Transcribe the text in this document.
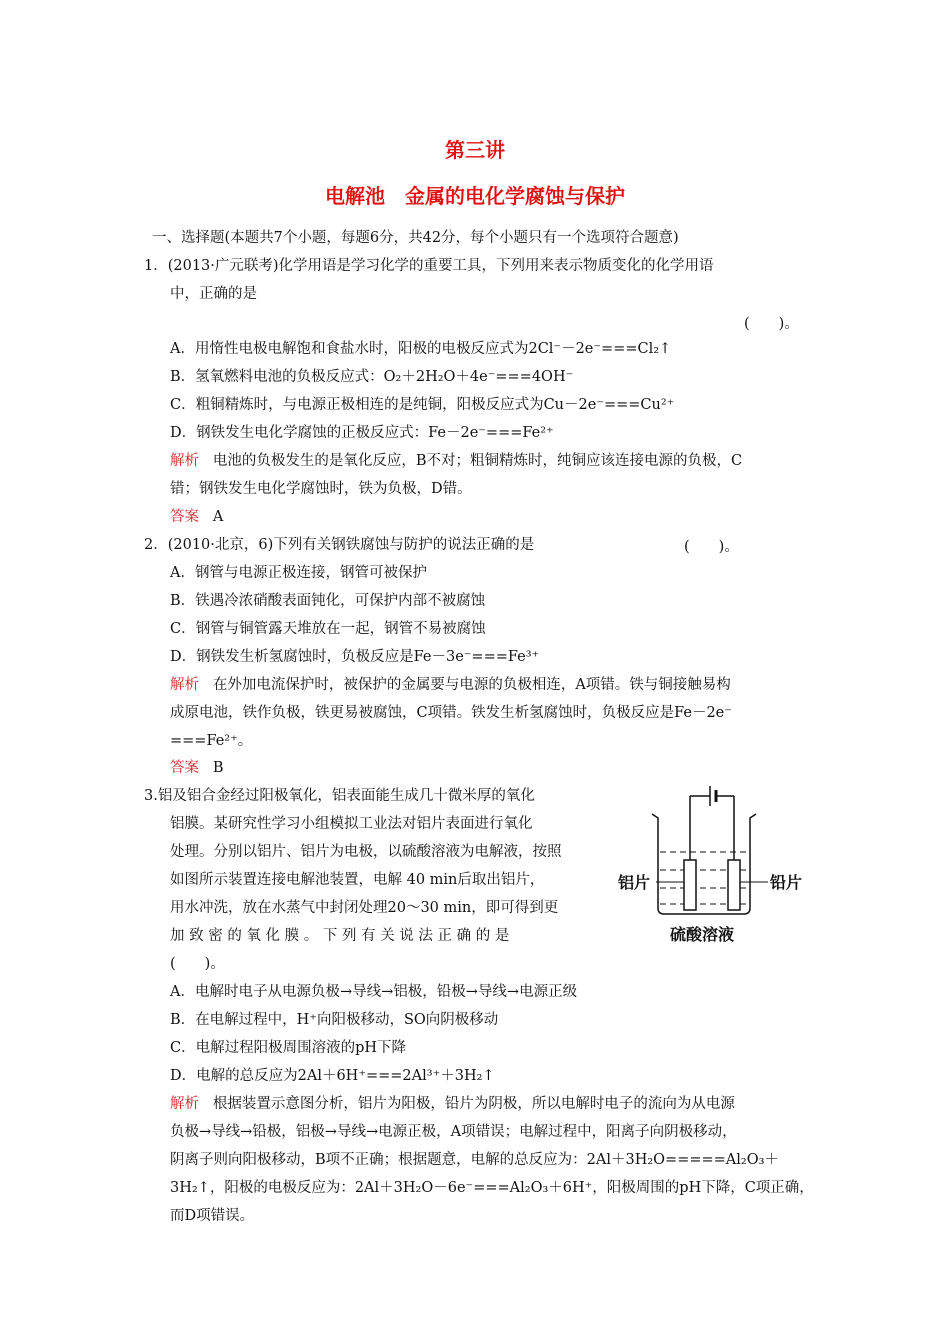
第三讲
电解池　金属的电化学腐蚀与保护
一、选择题(本题共7个小题，每题6分，共42分，每个小题只有一个选项符合题意)
1．(2013·广元联考)化学用语是学习化学的重要工具，下列用来表示物质变化的化学用语
中，正确的是
(　　)。
A．用惰性电极电解饱和食盐水时，阳极的电极反应式为2Cl⁻－2e⁻===Cl₂↑
B．氢氧燃料电池的负极反应式：O₂＋2H₂O＋4e⁻===4OH⁻
C．粗铜精炼时，与电源正极相连的是纯铜，阳极反应式为Cu－2e⁻===Cu²⁺
D．钢铁发生电化学腐蚀的正极反应式：Fe－2e⁻===Fe²⁺
解析 电池的负极发生的是氧化反应，B不对；粗铜精炼时，纯铜应该连接电源的负极，C
错；钢铁发生电化学腐蚀时，铁为负极，D错。
答案 A
2．(2010·北京，6)下列有关钢铁腐蚀与防护的说法正确的是	(　　)。
A．钢管与电源正极连接，钢管可被保护
B．铁遇冷浓硝酸表面钝化，可保护内部不被腐蚀
C．钢管与铜管露天堆放在一起，钢管不易被腐蚀
D．钢铁发生析氢腐蚀时，负极反应是Fe－3e⁻===Fe³⁺
解析 在外加电流保护时，被保护的金属要与电源的负极相连，A项错。铁与铜接触易构
成原电池，铁作负极，铁更易被腐蚀，C项错。铁发生析氢腐蚀时，负极反应是Fe－2e⁻
===Fe²⁺。
答案 B
3.铝及铝合金经过阳极氧化，铝表面能生成几十微米厚的氧化
铝膜。某研究性学习小组模拟工业法对铝片表面进行氧化
处理。分别以铝片、铝片为电极，以硫酸溶液为电解液，按照
如图所示装置连接电解池装置，电解 40 min后取出铝片，
用水冲洗，放在水蒸气中封闭处理20～30 min，即可得到更
加 致 密 的 氧 化 膜 。 下 列 有 关 说 法 正 确 的 是
(　　)。
A．电解时电子从电源负极→导线→铝极，铅极→导线→电源正级
B．在电解过程中，H⁺向阳极移动，SO向阴极移动
C．电解过程阳极周围溶液的pH下降
D．电解的总反应为2Al＋6H⁺===2Al³⁺＋3H₂↑
解析 根据装置示意图分析，铝片为阳极，铅片为阴极，所以电解时电子的流向为从电源
负极→导线→铅极，铝极→导线→电源正极，A项错误；电解过程中，阳离子向阴极移动，
阴离子则向阳极移动，B项不正确；根据题意，电解的总反应为：2Al＋3H₂O=====Al₂O₃＋
3H₂↑，阳极的电极反应为：2Al＋3H₂O－6e⁻===Al₂O₃＋6H⁺，阳极周围的pH下降，C项正确，
而D项错误。
铝片	铅片
硫酸溶液
